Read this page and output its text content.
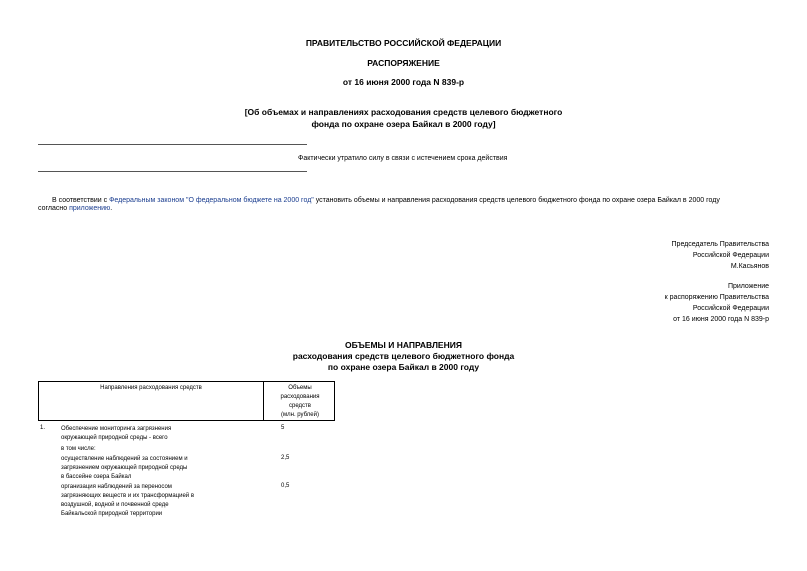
ПРАВИТЕЛЬСТВО РОССИЙСКОЙ ФЕДЕРАЦИИ
РАСПОРЯЖЕНИЕ
от 16 июня 2000 года N 839-р
[Об объемах и направлениях расходования средств целевого бюджетного
фонда по охране озера Байкал в 2000 году]
Фактически утратило силу в связи с истечением срока действия
В соответствии с Федеральным законом "О федеральном бюджете на 2000 год" установить объемы и направления расходования средств целевого бюджетного фонда по охране озера Байкал в 2000 году
согласно приложению.
Председатель Правительства
Российской Федерации
М.Касьянов
Приложение
к распоряжению Правительства
Российской Федерации
от 16 июня 2000 года N 839-р
ОБЪЕМЫ И НАПРАВЛЕНИЯ
расходования средств целевого бюджетного фонда
по охране озера Байкал в 2000 году
Направления расходования средств	Объемы
расходования
средств
(млн. рублей)
1.	Обеспечение мониторинга загрязнения
окружающей природной среды - всего
5
в том числе:
осуществление наблюдений за состоянием и
загрязнением окружающей природной среды
в бассейне озера Байкал
2,5
организация наблюдений за переносом
загрязняющих веществ и их трансформацией в
воздушной, водной и почвенной среде
Байкальской природной территории
0,5
